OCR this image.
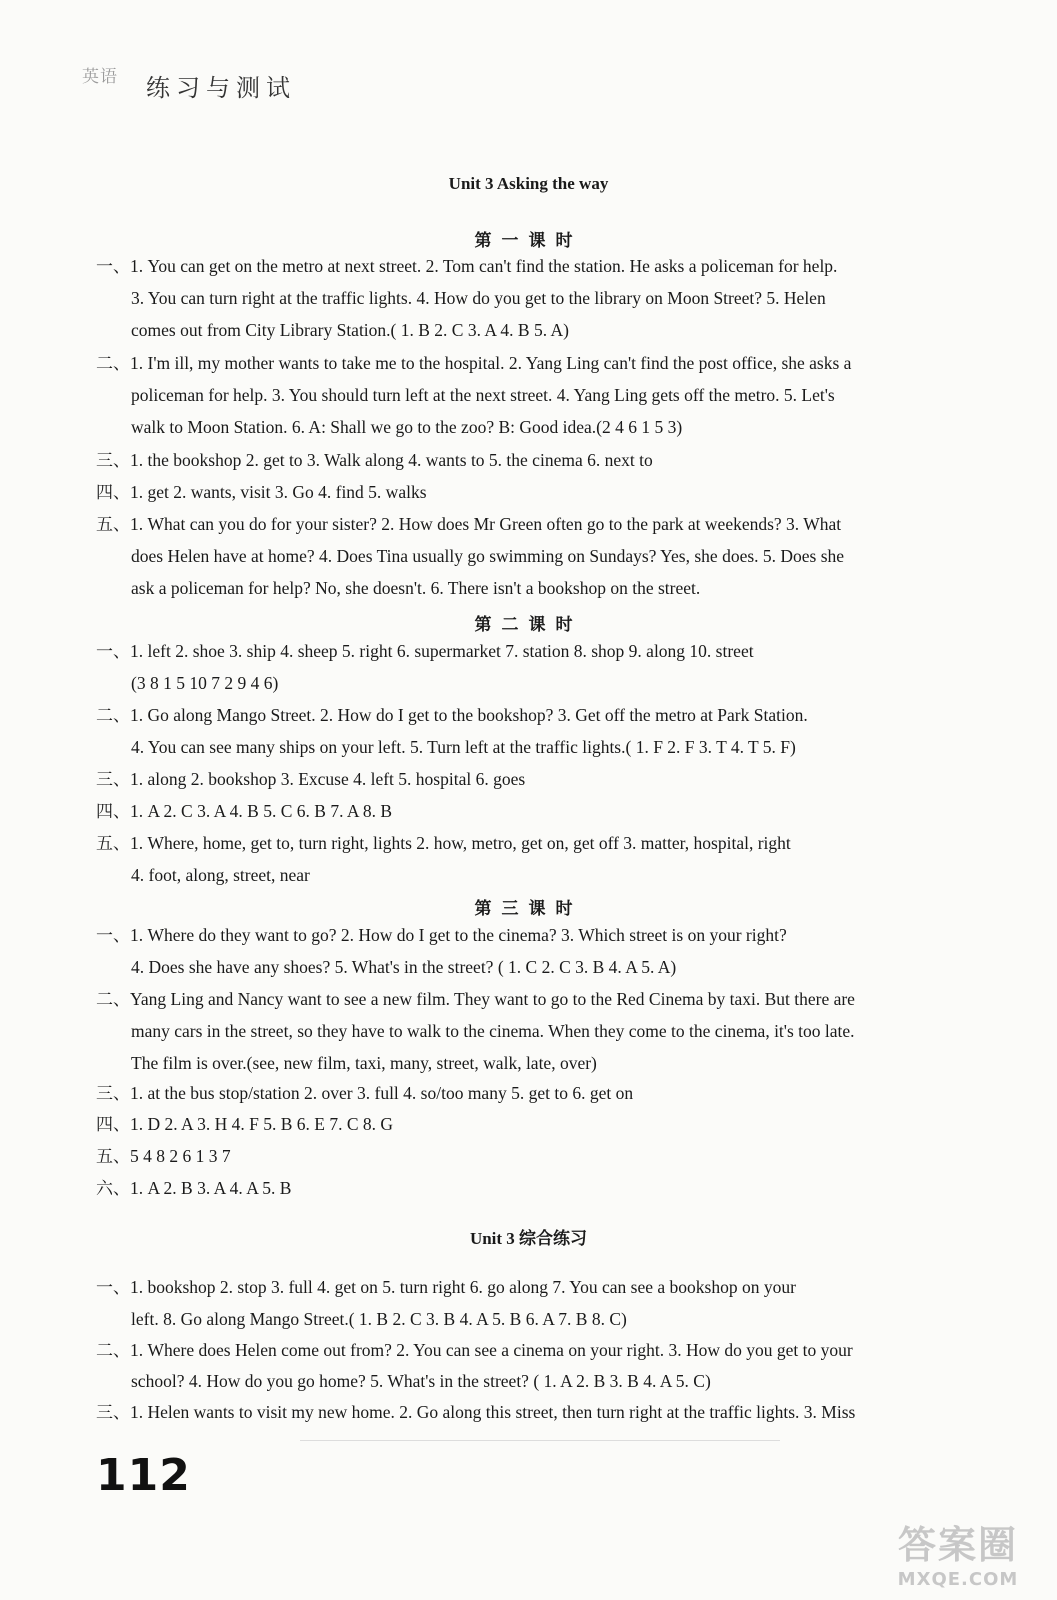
英语 练习与测试
Unit 3 Asking the way
第一课时
第二课时
第三课时
Unit 3 综合练习
一、1. You can get on the metro at next street. 2. Tom can't find the station. He asks a policeman for help.
3. You can turn right at the traffic lights. 4. How do you get to the library on Moon Street? 5. Helen
comes out from City Library Station.( 1. B 2. C 3. A 4. B 5. A)
二、1. I'm ill, my mother wants to take me to the hospital. 2. Yang Ling can't find the post office, she asks a
policeman for help. 3. You should turn left at the next street. 4. Yang Ling gets off the metro. 5. Let's
walk to Moon Station. 6. A: Shall we go to the zoo? B: Good idea.(2 4 6 1 5 3)
三、1. the bookshop 2. get to 3. Walk along 4. wants to 5. the cinema 6. next to
四、1. get 2. wants, visit 3. Go 4. find 5. walks
五、1. What can you do for your sister? 2. How does Mr Green often go to the park at weekends? 3. What
does Helen have at home? 4. Does Tina usually go swimming on Sundays? Yes, she does. 5. Does she
ask a policeman for help? No, she doesn't. 6. There isn't a bookshop on the street.
一、1. left 2. shoe 3. ship 4. sheep 5. right 6. supermarket 7. station 8. shop 9. along 10. street
(3 8 1 5 10 7 2 9 4 6)
二、1. Go along Mango Street. 2. How do I get to the bookshop? 3. Get off the metro at Park Station.
4. You can see many ships on your left. 5. Turn left at the traffic lights.( 1. F 2. F 3. T 4. T 5. F)
三、1. along 2. bookshop 3. Excuse 4. left 5. hospital 6. goes
四、1. A 2. C 3. A 4. B 5. C 6. B 7. A 8. B
五、1. Where, home, get to, turn right, lights 2. how, metro, get on, get off 3. matter, hospital, right
4. foot, along, street, near
一、1. Where do they want to go? 2. How do I get to the cinema? 3. Which street is on your right?
4. Does she have any shoes? 5. What's in the street? ( 1. C 2. C 3. B 4. A 5. A)
二、Yang Ling and Nancy want to see a new film. They want to go to the Red Cinema by taxi. But there are
many cars in the street, so they have to walk to the cinema. When they come to the cinema, it's too late.
The film is over.(see, new film, taxi, many, street, walk, late, over)
三、1. at the bus stop/station 2. over 3. full 4. so/too many 5. get to 6. get on
四、1. D 2. A 3. H 4. F 5. B 6. E 7. C 8. G
五、5 4 8 2 6 1 3 7
六、1. A 2. B 3. A 4. A 5. B
一、1. bookshop 2. stop 3. full 4. get on 5. turn right 6. go along 7. You can see a bookshop on your
left. 8. Go along Mango Street.( 1. B 2. C 3. B 4. A 5. B 6. A 7. B 8. C)
二、1. Where does Helen come out from? 2. You can see a cinema on your right. 3. How do you get to your
school? 4. How do you go home? 5. What's in the street? ( 1. A 2. B 3. B 4. A 5. C)
三、1. Helen wants to visit my new home. 2. Go along this street, then turn right at the traffic lights. 3. Miss
112
答案圈
MXQE.COM
